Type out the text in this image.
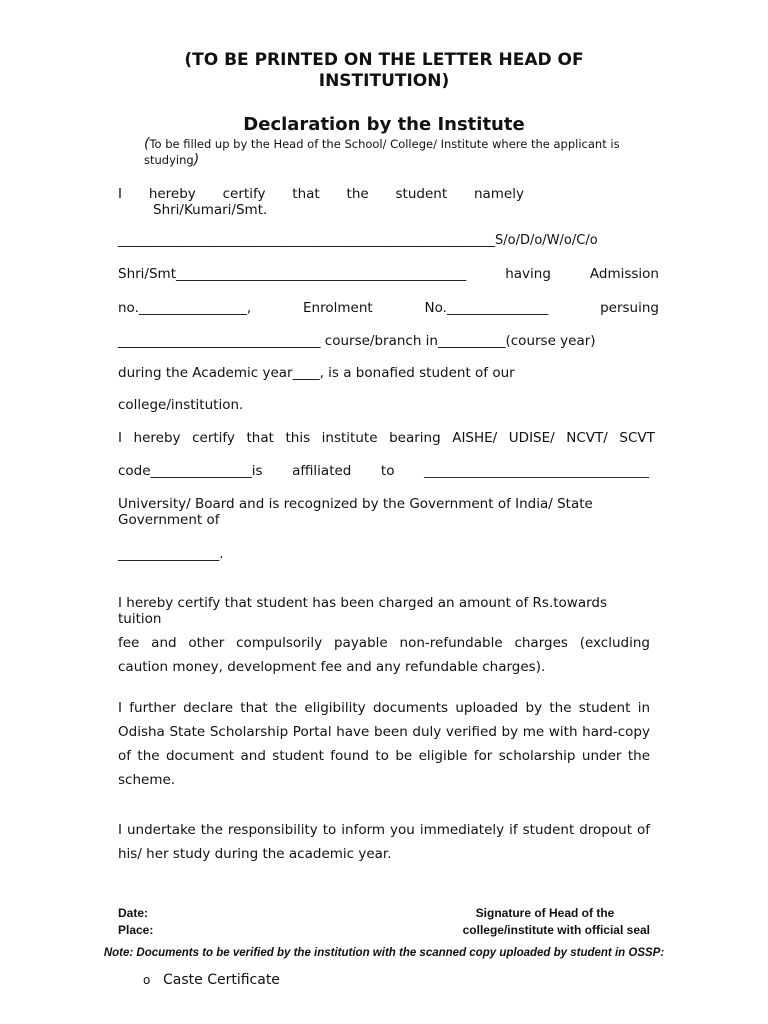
(TO BE PRINTED ON THE LETTER HEAD OF INSTITUTION)
Declaration by the Institute
(To be filled up by the Head of the School/ College/ Institute where the applicant is studying)
I hereby certify that the student namely
Shri/Kumari/Smt.
__________________________________________________________S/o/D/o/W/o/C/o
Shri/Smt___________________________________________	having	Admission
no.________________,	Enrolment	No._______________	persuing
______________________________ course/branch in__________(course year)
during the Academic year____, is a bonafied student of our
college/institution.
I hereby certify that this institute bearing AISHE/ UDISE/ NCVT/ SCVT
code_______________is affiliated to ____________________________________
University/ Board and is recognized by the Government of India/ State Government of
_______________.
I hereby certify that student has been charged an amount of Rs.towards tuition
fee and other compulsorily payable non-refundable charges (excluding caution money, development fee and any refundable charges).
I further declare that the eligibility documents uploaded by the student in Odisha State Scholarship Portal have been duly verified by me with hard-copy of the document and student found to be eligible for scholarship under the scheme.
I undertake the responsibility to inform you immediately if student dropout of his/ her study during the academic year.
Date:
Place:
Signature of Head of the
college/institute with official seal
Note: Documents to be verified by the institution with the scanned copy uploaded by student in OSSP:
o Caste Certificate
